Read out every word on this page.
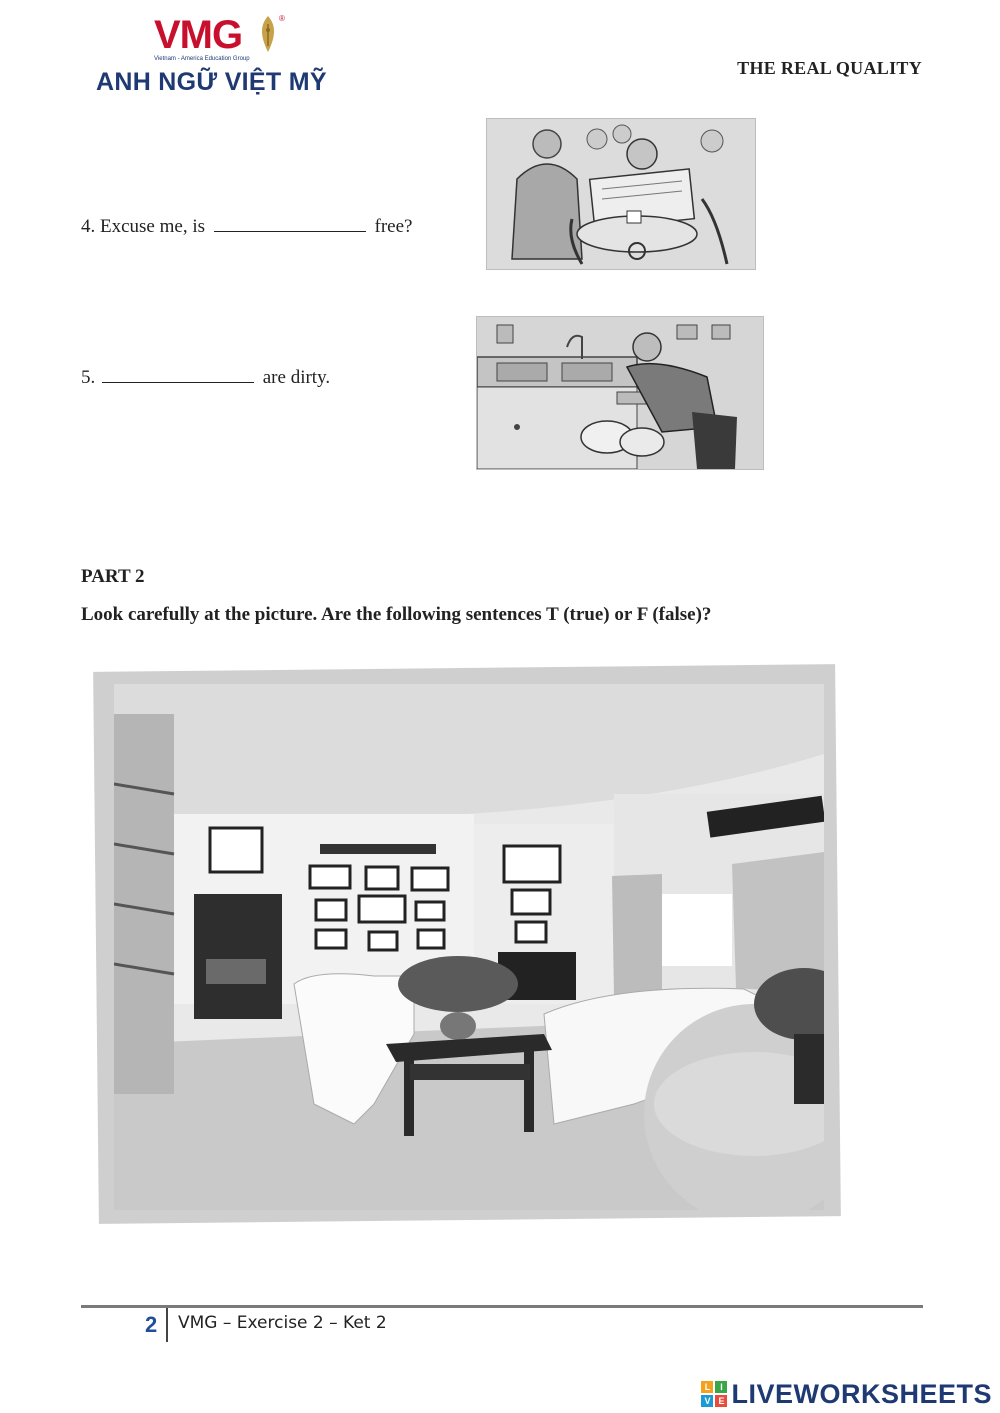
VMG	®
Vietnam - America Education Group
ANH NGỮ VIỆT MỸ	THE REAL QUALITY
4. Excuse me, is	free?
5.	are dirty.
PART 2
Look carefully at the picture. Are the following sentences T (true) or F (false)?
2 VMG – Exercise 2 – Ket 2
L	I
V E LIVEWORKSHEETS
